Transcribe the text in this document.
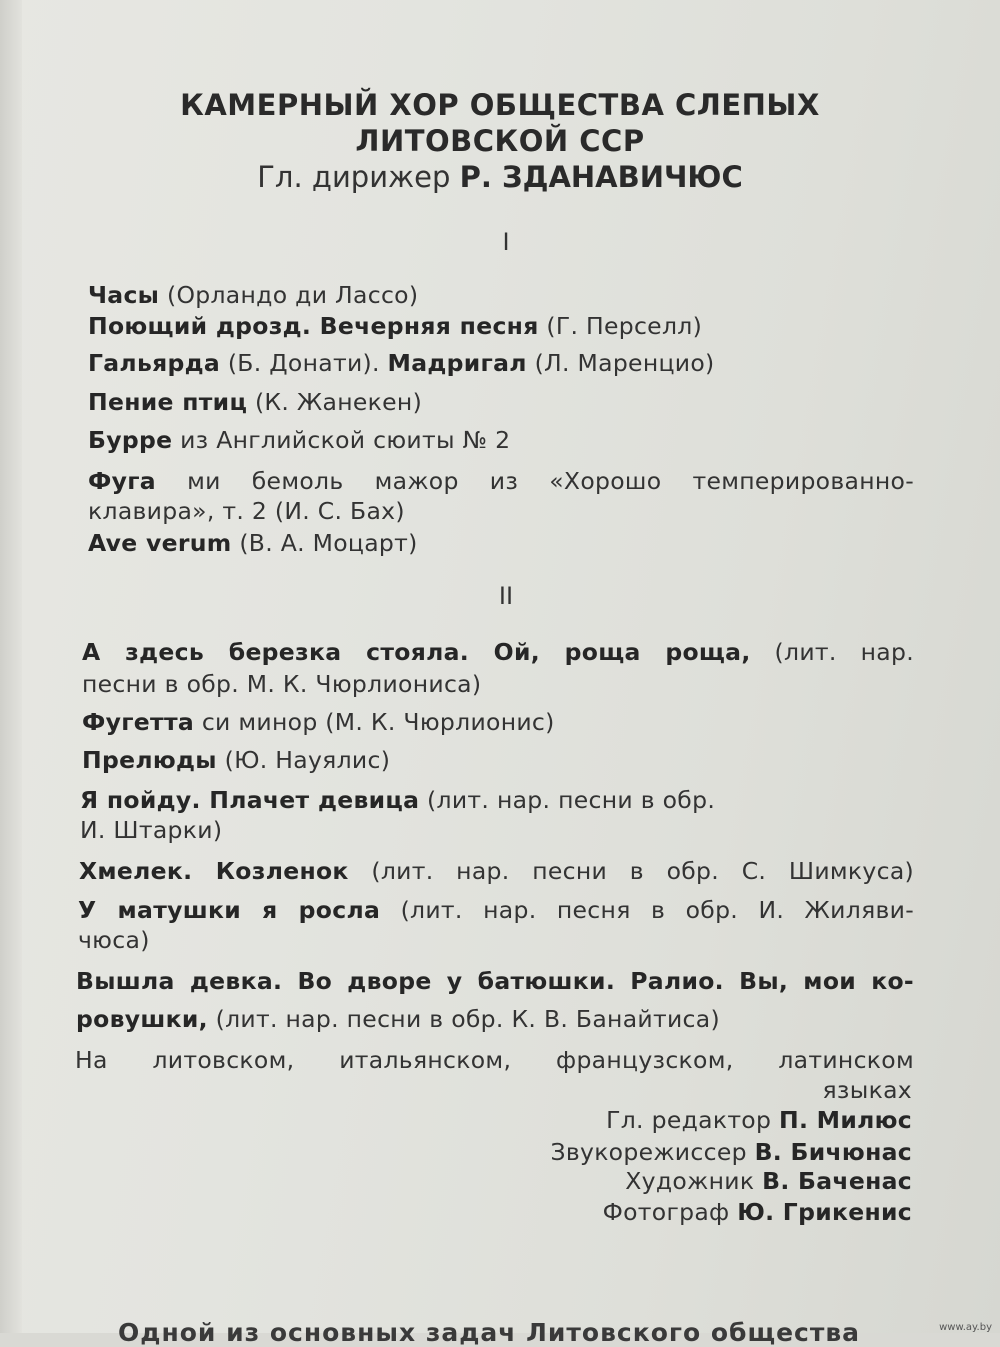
КАМЕРНЫЙ ХОР ОБЩЕСТВА СЛЕПЫХ
ЛИТОВСКОЙ ССР
Гл. дирижер Р. ЗДАНАВИЧЮС
I
Часы (Орландо ди Лассо)
Поющий дрозд. Вечерняя песня (Г. Перселл)
Гальярда (Б. Донати). Мадригал (Л. Маренцио)
Пение птиц (К. Жанекен)
Бурре из Английской сюиты № 2
Фуга ми бемоль мажор из «Хорошо темперированно-
клавира», т. 2 (И. С. Бах)
Ave verum (В. А. Моцарт)
II
А здесь березка стояла. Ой, роща роща, (лит. нар.
песни в обр. М. К. Чюрлиониса)
Фугетта си минор (М. К. Чюрлионис)
Прелюды (Ю. Науялис)
Я пойду. Плачет девица (лит. нар. песни в обр.
И. Штарки)
Хмелек. Козленок (лит. нар. песни в обр. С. Шимкуса)
У матушки я росла (лит. нар. песня в обр. И. Жиляви-
чюса)
Вышла девка. Во дворе у батюшки. Ралио. Вы, мои ко-
ровушки, (лит. нар. песни в обр. К. В. Банайтиса)
На литовском, итальянском, французском, латинском
языках
Гл. редактор П. Милюс
Звукорежиссер В. Бичюнас
Художник В. Баченас
Фотограф Ю. Грикенис
Одной из основных задач Литовского общества	www.ay.by
